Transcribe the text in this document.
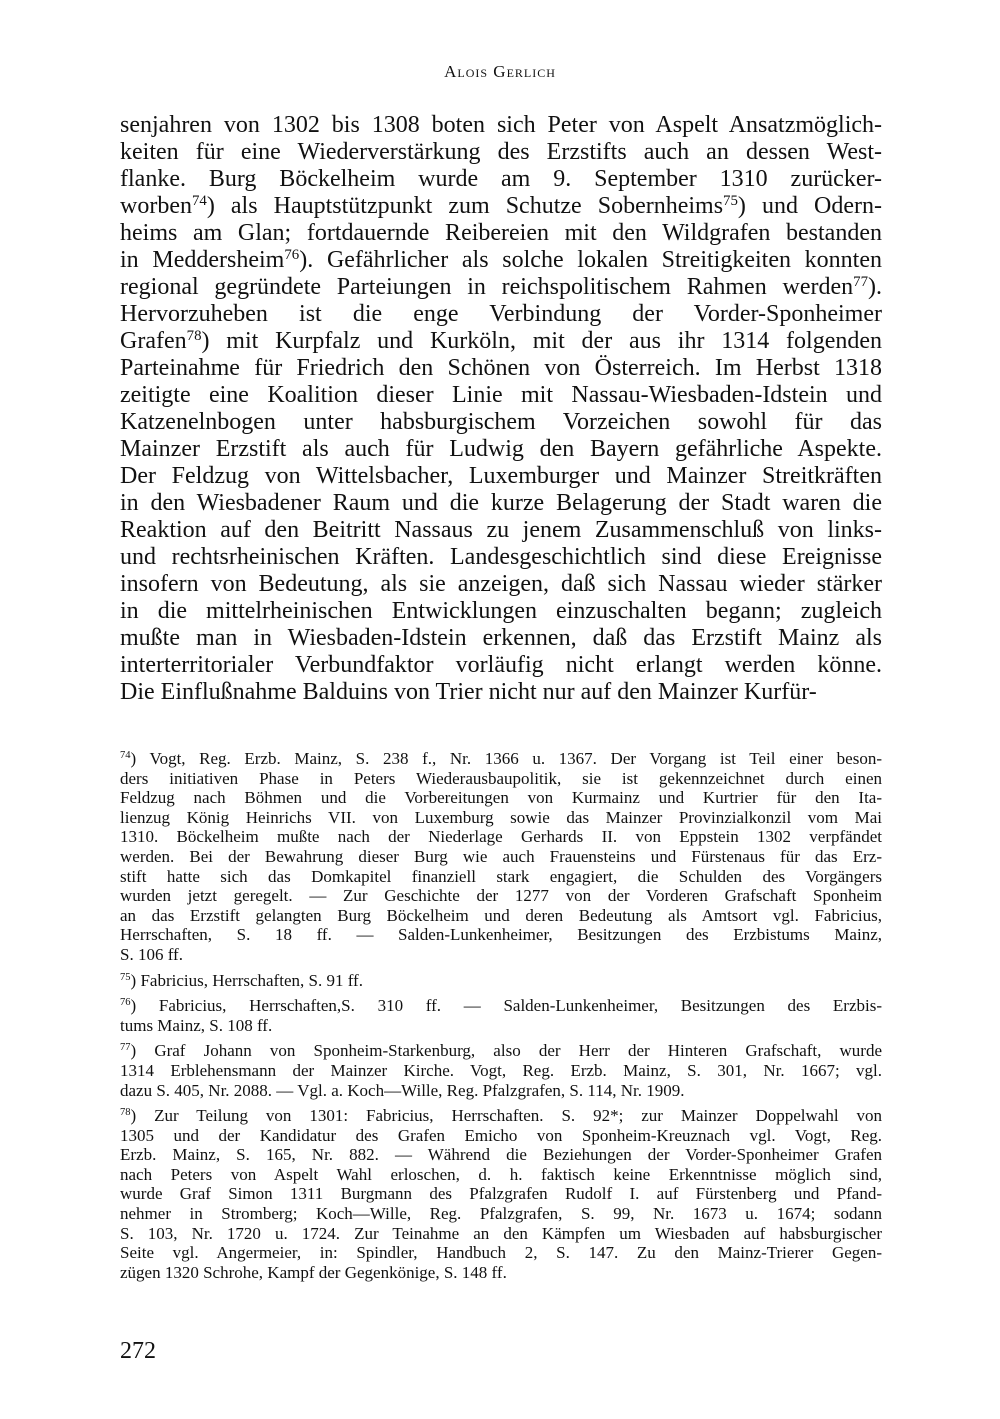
Alois Gerlich
senjahren von 1302 bis 1308 boten sich Peter von Aspelt Ansatzmöglich-
keiten für eine Wiederverstärkung des Erzstifts auch an dessen West-
flanke. Burg Böckelheim wurde am 9. September 1310 zurücker-
worben$^{74}$) als Hauptstützpunkt zum Schutze Sobernheims$^{75}$) und Odern-
heims am Glan; fortdauernde Reibereien mit den Wildgrafen bestanden
in Meddersheim$^{76}$). Gefährlicher als solche lokalen Streitigkeiten konnten
regional gegründete Parteiungen in reichspolitischem Rahmen werden$^{77}$).
Hervorzuheben ist die enge Verbindung der Vorder-Sponheimer
Grafen$^{78}$) mit Kurpfalz und Kurköln, mit der aus ihr 1314 folgenden
Parteinahme für Friedrich den Schönen von Österreich. Im Herbst 1318
zeitigte eine Koalition dieser Linie mit Nassau-Wiesbaden-Idstein und
Katzenelnbogen unter habsburgischem Vorzeichen sowohl für das
Mainzer Erzstift als auch für Ludwig den Bayern gefährliche Aspekte.
Der Feldzug von Wittelsbacher, Luxemburger und Mainzer Streitkräften
in den Wiesbadener Raum und die kurze Belagerung der Stadt waren die
Reaktion auf den Beitritt Nassaus zu jenem Zusammenschluß von links-
und rechtsrheinischen Kräften. Landesgeschichtlich sind diese Ereignisse
insofern von Bedeutung, als sie anzeigen, daß sich Nassau wieder stärker
in die mittelrheinischen Entwicklungen einzuschalten begann; zugleich
mußte man in Wiesbaden-Idstein erkennen, daß das Erzstift Mainz als
interterritorialer Verbundfaktor vorläufig nicht erlangt werden könne.
Die Einflußnahme Balduins von Trier nicht nur auf den Mainzer Kurfür-
$^{74}$) Vogt, Reg. Erzb. Mainz, S. 238 f., Nr. 1366 u. 1367. Der Vorgang ist Teil einer beson-
ders initiativen Phase in Peters Wiederausbaupolitik, sie ist gekennzeichnet durch einen
Feldzug nach Böhmen und die Vorbereitungen von Kurmainz und Kurtrier für den Ita-
lienzug König Heinrichs VII. von Luxemburg sowie das Mainzer Provinzialkonzil vom Mai
1310. Böckelheim mußte nach der Niederlage Gerhards II. von Eppstein 1302 verpfändet
werden. Bei der Bewahrung dieser Burg wie auch Frauensteins und Fürstenaus für das Erz-
stift hatte sich das Domkapitel finanziell stark engagiert, die Schulden des Vorgängers
wurden jetzt geregelt. — Zur Geschichte der 1277 von der Vorderen Grafschaft Sponheim
an das Erzstift gelangten Burg Böckelheim und deren Bedeutung als Amtsort vgl. Fabricius,
Herrschaften, S. 18 ff. — Salden-Lunkenheimer, Besitzungen des Erzbistums Mainz,
S. 106 ff.
$^{75}$) Fabricius, Herrschaften, S. 91 ff.
$^{76}$) Fabricius, Herrschaften,S. 310 ff. — Salden-Lunkenheimer, Besitzungen des Erzbis-
tums Mainz, S. 108 ff.
$^{77}$) Graf Johann von Sponheim-Starkenburg, also der Herr der Hinteren Grafschaft, wurde
1314 Erblehensmann der Mainzer Kirche. Vogt, Reg. Erzb. Mainz, S. 301, Nr. 1667; vgl.
dazu S. 405, Nr. 2088. — Vgl. a. Koch—Wille, Reg. Pfalzgrafen, S. 114, Nr. 1909.
$^{78}$) Zur Teilung von 1301: Fabricius, Herrschaften. S. 92*; zur Mainzer Doppelwahl von
1305 und der Kandidatur des Grafen Emicho von Sponheim-Kreuznach vgl. Vogt, Reg.
Erzb. Mainz, S. 165, Nr. 882. — Während die Beziehungen der Vorder-Sponheimer Grafen
nach Peters von Aspelt Wahl erloschen, d. h. faktisch keine Erkenntnisse möglich sind,
wurde Graf Simon 1311 Burgmann des Pfalzgrafen Rudolf I. auf Fürstenberg und Pfand-
nehmer in Stromberg; Koch—Wille, Reg. Pfalzgrafen, S. 99, Nr. 1673 u. 1674; sodann
S. 103, Nr. 1720 u. 1724. Zur Teinahme an den Kämpfen um Wiesbaden auf habsburgischer
Seite vgl. Angermeier, in: Spindler, Handbuch 2, S. 147. Zu den Mainz-Trierer Gegen-
zügen 1320 Schrohe, Kampf der Gegenkönige, S. 148 ff.
272
